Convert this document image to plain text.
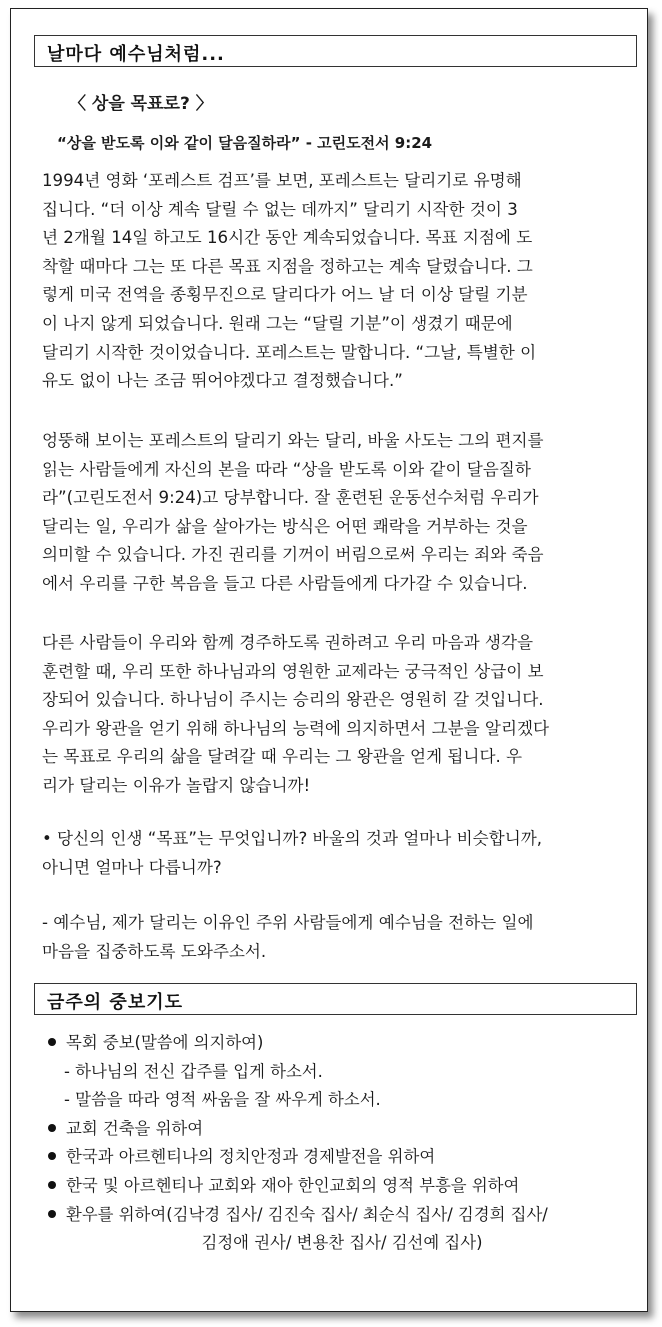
날마다 예수님처럼...
〈 상을 목표로? 〉
“상을 받도록 이와 같이 달음질하라” - 고린도전서 9:24
1994년 영화 ‘포레스트 검프’를 보면, 포레스트는 달리기로 유명해
집니다. “더 이상 계속 달릴 수 없는 데까지” 달리기 시작한 것이 3
년 2개월 14일 하고도 16시간 동안 계속되었습니다. 목표 지점에 도
착할 때마다 그는 또 다른 목표 지점을 정하고는 계속 달렸습니다. 그
렇게 미국 전역을 종횡무진으로 달리다가 어느 날 더 이상 달릴 기분
이 나지 않게 되었습니다. 원래 그는 “달릴 기분”이 생겼기 때문에
달리기 시작한 것이었습니다. 포레스트는 말합니다. “그날, 특별한 이
유도 없이 나는 조금 뛰어야겠다고 결정했습니다.”
엉뚱해 보이는 포레스트의 달리기 와는 달리, 바울 사도는 그의 편지를
읽는 사람들에게 자신의 본을 따라 “상을 받도록 이와 같이 달음질하
라”(고린도전서 9:24)고 당부합니다. 잘 훈련된 운동선수처럼 우리가
달리는 일, 우리가 삶을 살아가는 방식은 어떤 쾌락을 거부하는 것을
의미할 수 있습니다. 가진 권리를 기꺼이 버림으로써 우리는 죄와 죽음
에서 우리를 구한 복음을 들고 다른 사람들에게 다가갈 수 있습니다.
다른 사람들이 우리와 함께 경주하도록 권하려고 우리 마음과 생각을
훈련할 때, 우리 또한 하나님과의 영원한 교제라는 궁극적인 상급이 보
장되어 있습니다. 하나님이 주시는 승리의 왕관은 영원히 갈 것입니다.
우리가 왕관을 얻기 위해 하나님의 능력에 의지하면서 그분을 알리겠다
는 목표로 우리의 삶을 달려갈 때 우리는 그 왕관을 얻게 됩니다. 우
리가 달리는 이유가 놀랍지 않습니까!
• 당신의 인생 “목표”는 무엇입니까? 바울의 것과 얼마나 비슷합니까,
아니면 얼마나 다릅니까?
- 예수님, 제가 달리는 이유인 주위 사람들에게 예수님을 전하는 일에
마음을 집중하도록 도와주소서.
금주의 중보기도
목회 중보(말씀에 의지하여)
- 하나님의 전신 갑주를 입게 하소서.
- 말씀을 따라 영적 싸움을 잘 싸우게 하소서.
교회 건축을 위하여
한국과 아르헨티나의 정치안정과 경제발전을 위하여
한국 및 아르헨티나 교회와 재아 한인교회의 영적 부흥을 위하여
환우를 위하여(김낙경 집사/ 김진숙 집사/ 최순식 집사/ 김경희 집사/
김정애 권사/ 변용찬 집사/ 김선예 집사)
